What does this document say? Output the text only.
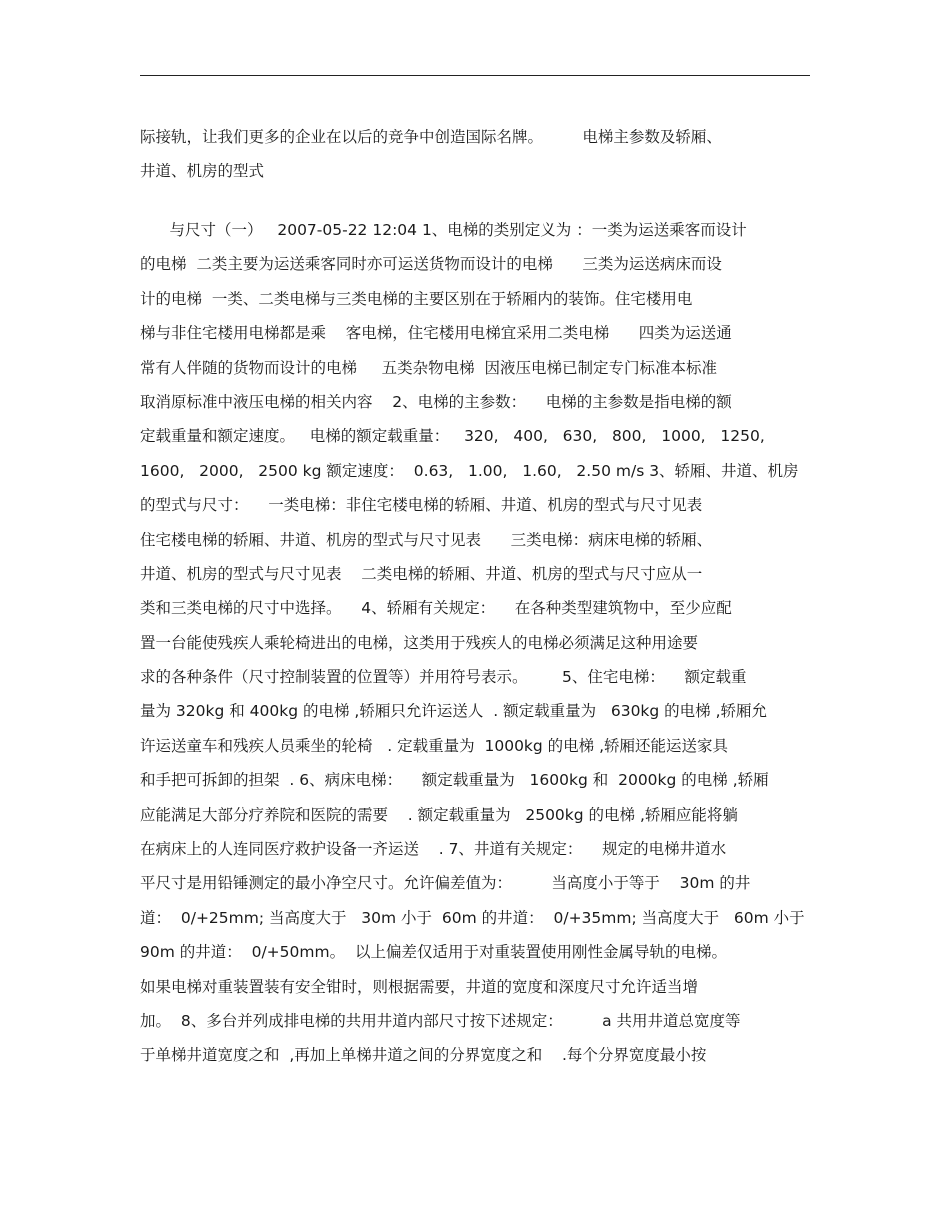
际接轨，让我们更多的企业在以后的竞争中创造国际名牌。        电梯主参数及轿厢、
井道、机房的型式
与尺寸（一）   2007-05-22 12:04 1、电梯的类别定义为 ：一类为运送乘客而设计
的电梯  二类主要为运送乘客同时亦可运送货物而设计的电梯      三类为运送病床而设
计的电梯  一类、二类电梯与三类电梯的主要区别在于轿厢内的装饰。住宅楼用电
梯与非住宅楼用电梯都是乘    客电梯，住宅楼用电梯宜采用二类电梯      四类为运送通
常有人伴随的货物而设计的电梯     五类杂物电梯  因液压电梯已制定专门标准本标准
取消原标准中液压电梯的相关内容    2、电梯的主参数：    电梯的主参数是指电梯的额
定载重量和额定速度。   电梯的额定载重量：   320,   400,   630,   800,   1000,   1250,
1600,   2000,   2500 kg 额定速度：  0.63,   1.00,   1.60,   2.50 m/s 3、轿厢、井道、机房
的型式与尺寸：    一类电梯：非住宅楼电梯的轿厢、井道、机房的型式与尺寸见表
住宅楼电梯的轿厢、井道、机房的型式与尺寸见表      三类电梯：病床电梯的轿厢、
井道、机房的型式与尺寸见表    二类电梯的轿厢、井道、机房的型式与尺寸应从一
类和三类电梯的尺寸中选择。    4、轿厢有关规定：    在各种类型建筑物中，至少应配
置一台能使残疾人乘轮椅进出的电梯，这类用于残疾人的电梯必须满足这种用途要
求的各种条件（尺寸控制装置的位置等）并用符号表示。       5、住宅电梯：    额定载重
量为 320kg 和 400kg 的电梯 ,轿厢只允许运送人  . 额定载重量为   630kg 的电梯 ,轿厢允
许运送童车和残疾人员乘坐的轮椅   . 定载重量为  1000kg 的电梯 ,轿厢还能运送家具
和手把可拆卸的担架  . 6、病床电梯：    额定载重量为   1600kg 和  2000kg 的电梯 ,轿厢
应能满足大部分疗养院和医院的需要    . 额定载重量为   2500kg 的电梯 ,轿厢应能将躺
在病床上的人连同医疗救护设备一齐运送    . 7、井道有关规定：    规定的电梯井道水
平尺寸是用铅锤测定的最小净空尺寸。允许偏差值为：        当高度小于等于    30m 的井
道：  0/+25mm; 当高度大于   30m 小于  60m 的井道：  0/+35mm; 当高度大于   60m 小于
90m 的井道：  0/+50mm。  以上偏差仅适用于对重装置使用刚性金属导轨的电梯。
如果电梯对重装置装有安全钳时，则根据需要，井道的宽度和深度尺寸允许适当增
加。  8、多台并列成排电梯的共用井道内部尺寸按下述规定：        a 共用井道总宽度等
于单梯井道宽度之和  ,再加上单梯井道之间的分界宽度之和    .每个分界宽度最小按
